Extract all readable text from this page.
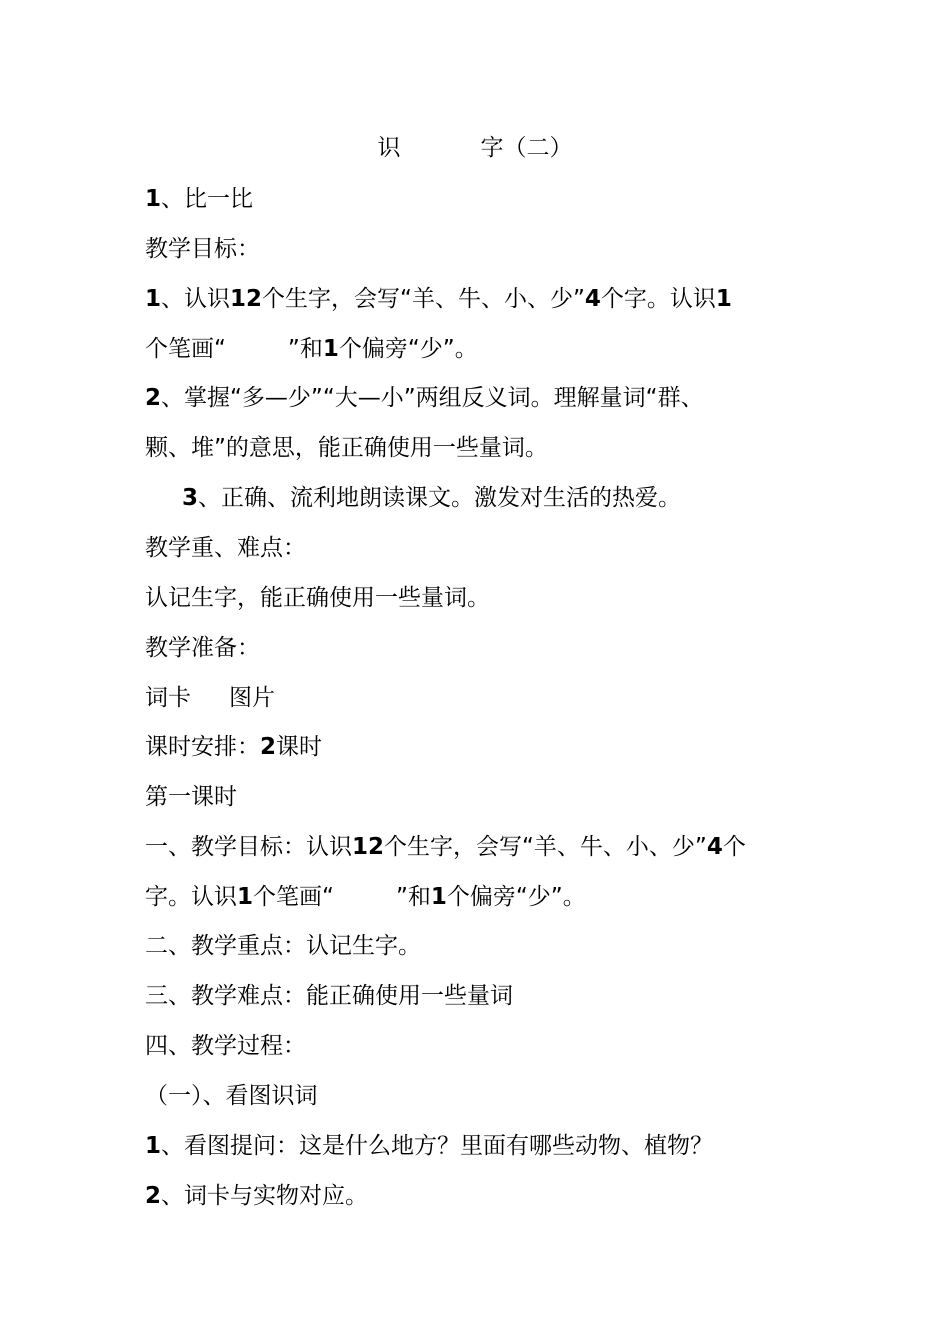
识	字（二）
1、比一比
教学目标：
1、认识12个生字，会写“羊、牛、小、少”4个字。认识1
个笔画“	”和1个偏旁“少”。
2、掌握“多—少”“大—小”两组反义词。理解量词“群、
颗、堆”的意思，能正确使用一些量词。
3、正确、流利地朗读课文。激发对生活的热爱。
教学重、难点：
认记生字，能正确使用一些量词。
教学准备：
词卡 图片
课时安排：2课时
第一课时
一、教学目标：认识12个生字，会写“羊、牛、小、少”4个
字。认识1个笔画“	”和1个偏旁“少”。
二、教学重点：认记生字。
三、教学难点：能正确使用一些量词
四、教学过程：
（一）、看图识词
1、看图提问：这是什么地方？里面有哪些动物、植物？
2、词卡与实物对应。
